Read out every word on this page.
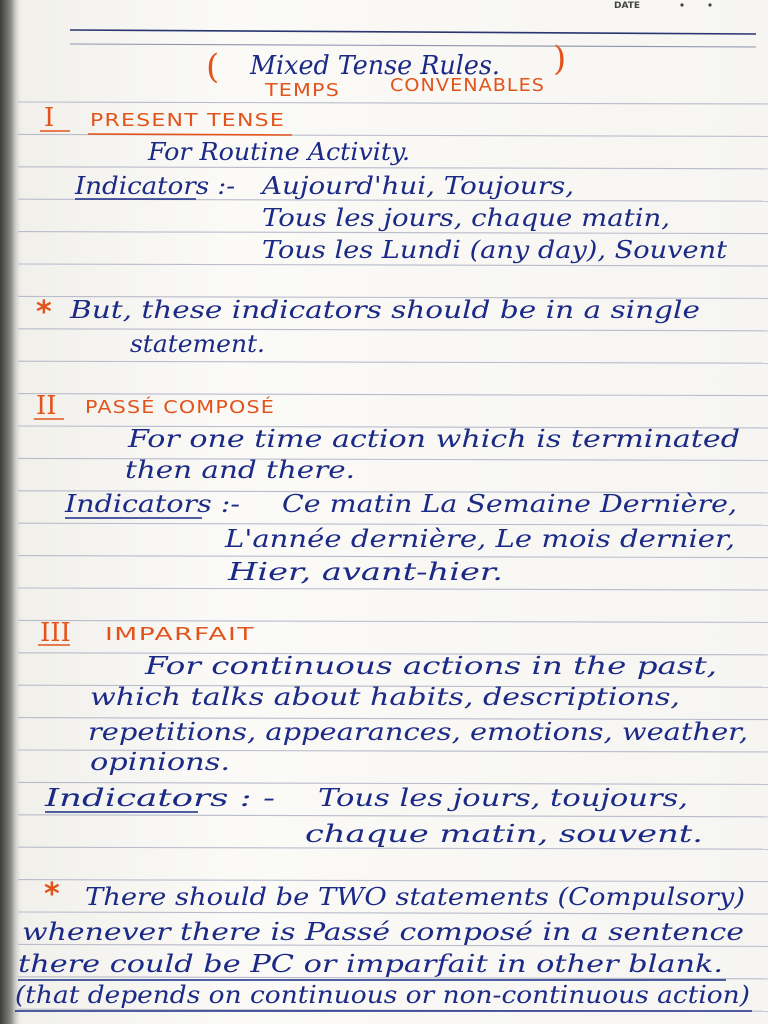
DATE
( Mixed Tense Rules. )
TEMPS	CONVENABLES
I PRESENT TENSE
For Routine Activity.
Indicators :- Aujourd'hui, Toujours,
Tous les jours, chaque matin,
Tous les Lundi (any day), Souvent
* But, these indicators should be in a single
statement.
II PASSÉ COMPOSÉ
For one time action which is terminated
then and there.
Indicators :- Ce matin La Semaine Dernière,
L'année dernière, Le mois dernier,
Hier, avant-hier.
III IMPARFAIT
For continuous actions in the past,
which talks about habits, descriptions,
repetitions, appearances, emotions, weather,
opinions.
Indicators : - Tous les jours, toujours,
chaque matin, souvent.
* There should be TWO statements (Compulsory)
whenever there is Passé composé in a sentence
there could be PC or imparfait in other blank.
(that depends on continuous or non-continuous action)
